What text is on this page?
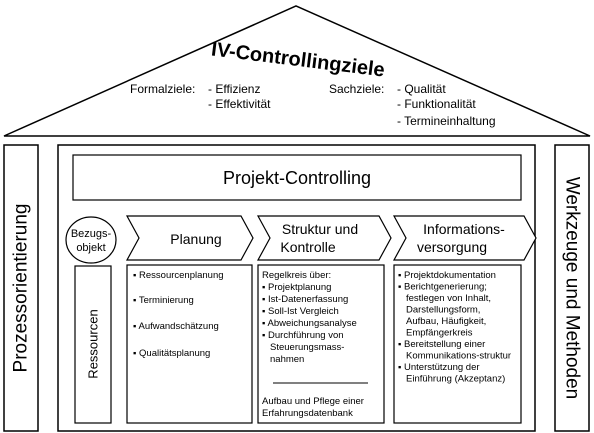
IV-Controllingziele
Formalziele: - Effizienz
- Effektivität
Sachziele: - Qualität
- Funktionalität
- Termineinhaltung
Prozessorientierung	Werkzeuge und Methoden
Projekt-Controlling
Bezugs-
objekt
Ressourcen
Planung
▪ Ressourcenplanung
▪ Terminierung
▪ Aufwandschätzung
▪ Qualitätsplanung
Struktur und
Kontrolle
Regelkreis über:
▪ Projektplanung
▪ Ist-Datenerfassung
▪ Soll-Ist Vergleich
▪ Abweichungsanalyse
▪ Durchführung von Steuerungsmass-nahmen
Aufbau und Pflege einer
Erfahrungsdatenbank
Informations-
versorgung
▪ Projektdokumentation
▪ Berichtgenerierung; festlegen von Inhalt, Darstellungsform, Aufbau, Häufigkeit, Empfängerkreis
▪ Bereitstellung einer Kommunikations-struktur
▪ Unterstützung der Einführung (Akzeptanz)
